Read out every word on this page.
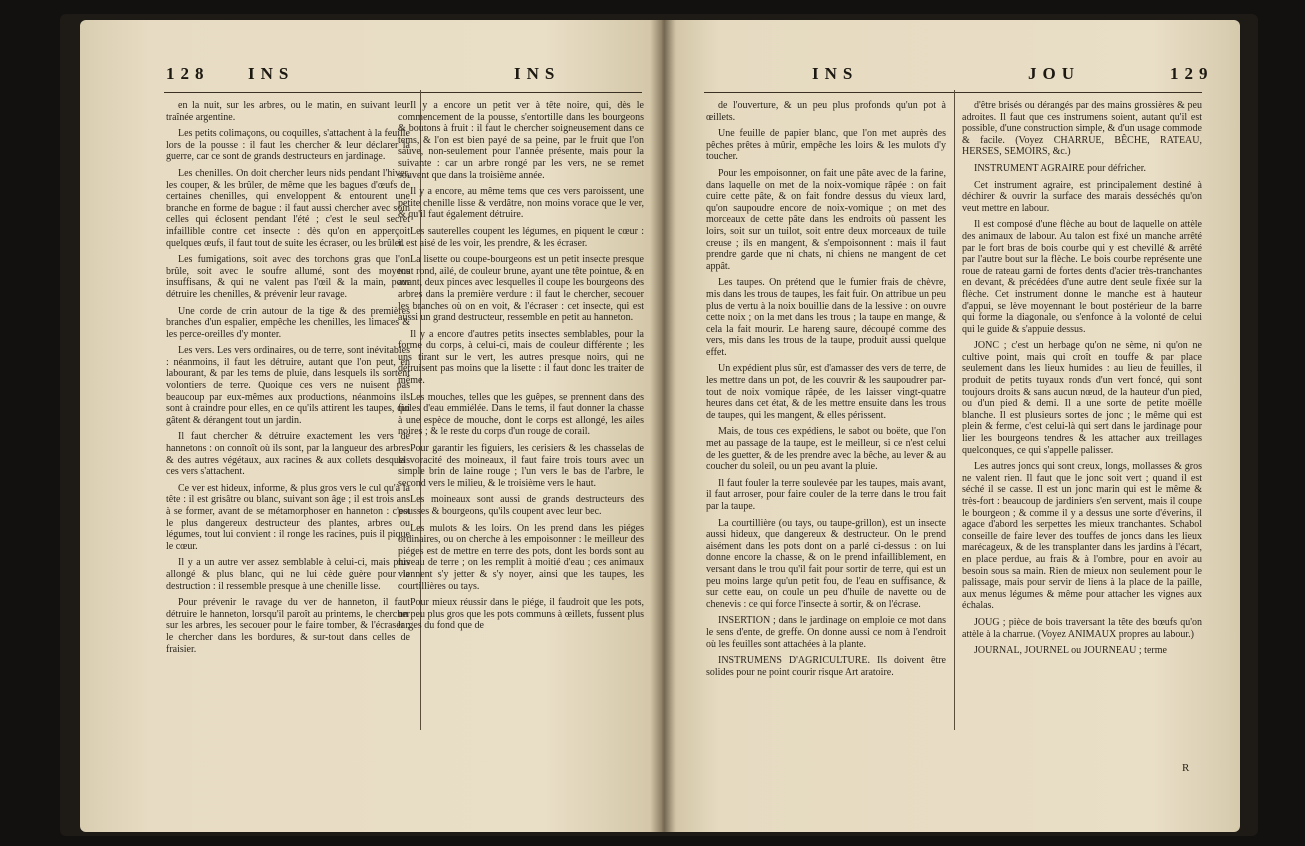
128 INS	INS

en la nuit, sur les arbres, ou le matin, en suivant leur traînée argentine.

Les petits colimaçons, ou coquilles, s'attachent à la feuille lors de la pousse : il faut les chercher & leur déclarer la guerre, car ce sont de grands destructeurs en jardinage.

Les chenilles. On doit chercher leurs nids pendant l'hiver, les couper, & les brûler, de même que les bagues d'œufs de certaines chenilles, qui enveloppent & entourent une branche en forme de bague : il faut aussi chercher avec soin celles qui éclosent pendant l'été ; c'est le seul secret infaillible contre cet insecte : dès qu'on en apperçoit quelques œufs, il faut tout de suite les écraser, ou les brûler.

Les fumigations, soit avec des torchons gras que l'on brûle, soit avec le soufre allumé, sont des moyens insuffisans, & qui ne valent pas l'œil & la main, pour détruire les chenilles, & prévenir leur ravage.

Une corde de crin autour de la tige & des premières branches d'un espalier, empêche les chenilles, les limaces & les perce-oreilles d'y monter.

Les vers. Les vers ordinaires, ou de terre, sont inévitables : néanmoins, il faut les détruire, autant que l'on peut, en labourant, & par les tems de pluie, dans lesquels ils sortent volontiers de terre. Quoique ces vers ne nuisent pas beaucoup par eux-mêmes aux productions, néanmoins ils sont à craindre pour elles, en ce qu'ils attirent les taupes, qui gâtent & dérangent tout un jardin.

Il faut chercher & détruire exactement les vers de hannetons : on connoît où ils sont, par la langueur des arbres & des autres végétaux, aux racines & aux collets desquels ces vers s'attachent.

Ce ver est hideux, informe, & plus gros vers le cul qu'à la tête : il est grisâtre ou blanc, suivant son âge ; il est trois ans à se former, avant de se métamorphoser en hanneton : c'est le plus dangereux destructeur des plantes, arbres ou légumes, tout lui convient : il ronge les racines, puis il pique le cœur.

Il y a un autre ver assez semblable à celui-ci, mais plus allongé & plus blanc, qui ne lui cède guère pour la destruction : il ressemble presque à une chenille lisse.

Pour prévenir le ravage du ver de hanneton, il faut détruire le hanneton, lorsqu'il paroît au printems, le chercher sur les arbres, les secouer pour le faire tomber, & l'écraser ; le chercher dans les bordures, & sur-tout dans celles de fraisier.

Il y a encore un petit ver à tête noire, qui, dès le commencement de la pousse, s'entortille dans les bourgeons & boutons à fruit : il faut le chercher soigneusement dans ce tems, & l'on est bien payé de sa peine, par le fruit que l'on sauve, non-seulement pour l'année présente, mais pour la suivante : car un arbre rongé par les vers, ne se remet souvent que dans la troisième année.

Il y a encore, au même tems que ces vers paroissent, une petite chenille lisse & verdâtre, non moins vorace que le ver, & qu'il faut également détruire.

Les sauterelles coupent les légumes, en piquent le cœur : il est aisé de les voir, les prendre, & les écraser.

La lisette ou coupe-bourgeons est un petit insecte presque tout rond, ailé, de couleur brune, ayant une tête pointue, & en avant, deux pinces avec lesquelles il coupe les bourgeons des arbres dans la première verdure : il faut le chercher, secouer les branches où on en voit, & l'écraser : cet insecte, qui est aussi un grand destructeur, ressemble en petit au hanneton.

Il y a encore d'autres petits insectes semblables, pour la forme du corps, à celui-ci, mais de couleur différente ; les uns tirant sur le vert, les autres presque noirs, qui ne détruisent pas moins que la lisette : il faut donc les traiter de même.

Les mouches, telles que les guêpes, se prennent dans des fioles d'eau emmiélée. Dans le tems, il faut donner la chasse à une espèce de mouche, dont le corps est allongé, les ailes noires ; & le reste du corps d'un rouge de corail.

Pour garantir les figuiers, les cerisiers & les chasselas de la voracité des moineaux, il faut faire trois tours avec un simple brin de laine rouge ; l'un vers le bas de l'arbre, le second vers le milieu, & le troisième vers le haut.

Les moineaux sont aussi de grands destructeurs des pousses & bourgeons, qu'ils coupent avec leur bec.

Les mulots & les loirs. On les prend dans les piéges ordinaires, ou on cherche à les empoisonner : le meilleur des piéges est de mettre en terre des pots, dont les bords sont au niveau de terre ; on les remplit à moitié d'eau ; ces animaux viennent s'y jetter & s'y noyer, ainsi que les taupes, les courtillières ou tays.

Pour mieux réussir dans le piége, il faudroit que les pots, un peu plus gros que les pots communs à œillets, fussent plus larges du fond que de

INS	JOU	129

de l'ouverture, & un peu plus profonds qu'un pot à œillets.

Une feuille de papier blanc, que l'on met auprès des pêches prêtes à mûrir, empêche les loirs & les mulots d'y toucher.

Pour les empoisonner, on fait une pâte avec de la farine, dans laquelle on met de la noix-vomique râpée : on fait cuire cette pâte, & on fait fondre dessus du vieux lard, qu'on saupoudre encore de noix-vomique ; on met des morceaux de cette pâte dans les endroits où passent les loirs, soit sur un tuilot, soit entre deux morceaux de tuile creuse ; ils en mangent, & s'empoisonnent : mais il faut prendre garde que ni chats, ni chiens ne mangent de cet appât.

Les taupes. On prétend que le fumier frais de chèvre, mis dans les trous de taupes, les fait fuir. On attribue un peu plus de vertu à la noix bouillie dans de la lessive : on ouvre cette noix ; on la met dans les trous ; la taupe en mange, & cela la fait mourir. Le hareng saure, découpé comme des vers, mis dans les trous de la taupe, produit aussi quelque effet.

Un expédient plus sûr, est d'amasser des vers de terre, de les mettre dans un pot, de les couvrir & les saupoudrer par-tout de noix vomique râpée, de les laisser vingt-quatre heures dans cet état, & de les mettre ensuite dans les trous de taupes, qui les mangent, & elles périssent.

Mais, de tous ces expédiens, le sabot ou boëte, que l'on met au passage de la taupe, est le meilleur, si ce n'est celui de les guetter, & de les prendre avec la bêche, au lever & au coucher du soleil, ou un peu avant la pluie.

Il faut fouler la terre soulevée par les taupes, mais avant, il faut arroser, pour faire couler de la terre dans le trou fait par la taupe.

La courtillière (ou tays, ou taupe-grillon), est un insecte aussi hideux, que dangereux & destructeur. On le prend aisément dans les pots dont on a parlé ci-dessus : on lui donne encore la chasse, & on le prend infailliblement, en versant dans le trou qu'il fait pour sortir de terre, qui est un peu moins large qu'un petit fou, de l'eau en suffisance, & sur cette eau, on coule un peu d'huile de navette ou de chenevis : ce qui force l'insecte à sortir, & on l'écrase.

INSERTION ; dans le jardinage on emploie ce mot dans le sens d'ente, de greffe. On donne aussi ce nom à l'endroit où les feuilles sont attachées à la plante.

INSTRUMENS D'AGRICULTURE. Ils doivent être solides pour ne point courir risque Art aratoire.

d'être brisés ou dérangés par des mains grossières & peu adroites. Il faut que ces instrumens soient, autant qu'il est possible, d'une construction simple, & d'un usage commode & facile. (Voyez CHARRUE, BÊCHE, RATEAU, HERSES, SEMOIRS, &c.)

INSTRUMENT AGRAIRE pour défricher.

Cet instrument agraire, est principalement destiné à déchirer & ouvrir la surface des marais desséchés qu'on veut mettre en labour.

Il est composé d'une flèche au bout de laquelle on attèle des animaux de labour. Au talon est fixé un manche arrêté par le fort bras de bois courbe qui y est chevillé & arrêté par l'autre bout sur la flèche. Le bois courbe représente une roue de rateau garni de fortes dents d'acier très-tranchantes en devant, & précédées d'une autre dent seule fixée sur la flèche. Cet instrument donne le manche est à hauteur d'appui, se lève moyennant le bout postérieur de la barre qui forme la diagonale, ou s'enfonce à la volonté de celui qui le guide & s'appuie dessus.

JONC ; c'est un herbage qu'on ne sème, ni qu'on ne cultive point, mais qui croît en touffe & par place seulement dans les lieux humides : au lieu de feuilles, il produit de petits tuyaux ronds d'un vert foncé, qui sont toujours droits & sans aucun nœud, de la hauteur d'un pied, ou d'un pied & demi. Il a une sorte de petite moëlle blanche. Il est plusieurs sortes de jonc ; le même qui est plein & ferme, c'est celui-là qui sert dans le jardinage pour lier les bourgeons tendres & les attacher aux treillages quelconques, ce qui s'appelle palisser.

Les autres joncs qui sont creux, longs, mollasses & gros ne valent rien. Il faut que le jonc soit vert ; quand il est séché il se casse. Il est un jonc marin qui est le même & très-fort : beaucoup de jardiniers s'en servent, mais il coupe le bourgeon ; & comme il y a dessus une sorte d'éverins, il agace d'abord les serpettes les mieux tranchantes. Schabol conseille de faire lever des touffes de joncs dans les lieux marécageux, & de les transplanter dans les jardins à l'écart, en place perdue, au frais & à l'ombre, pour en avoir au besoin sous sa main. Rien de mieux non seulement pour le palissage, mais pour servir de liens à la place de la paille, aux menus légumes & même pour attacher les vignes aux échalas.

JOUG ; pièce de bois traversant la tête des bœufs qu'on attèle à la charrue. (Voyez ANIMAUX propres au labour.)

JOURNAL, JOURNEL ou JOURNEAU ; terme

R
